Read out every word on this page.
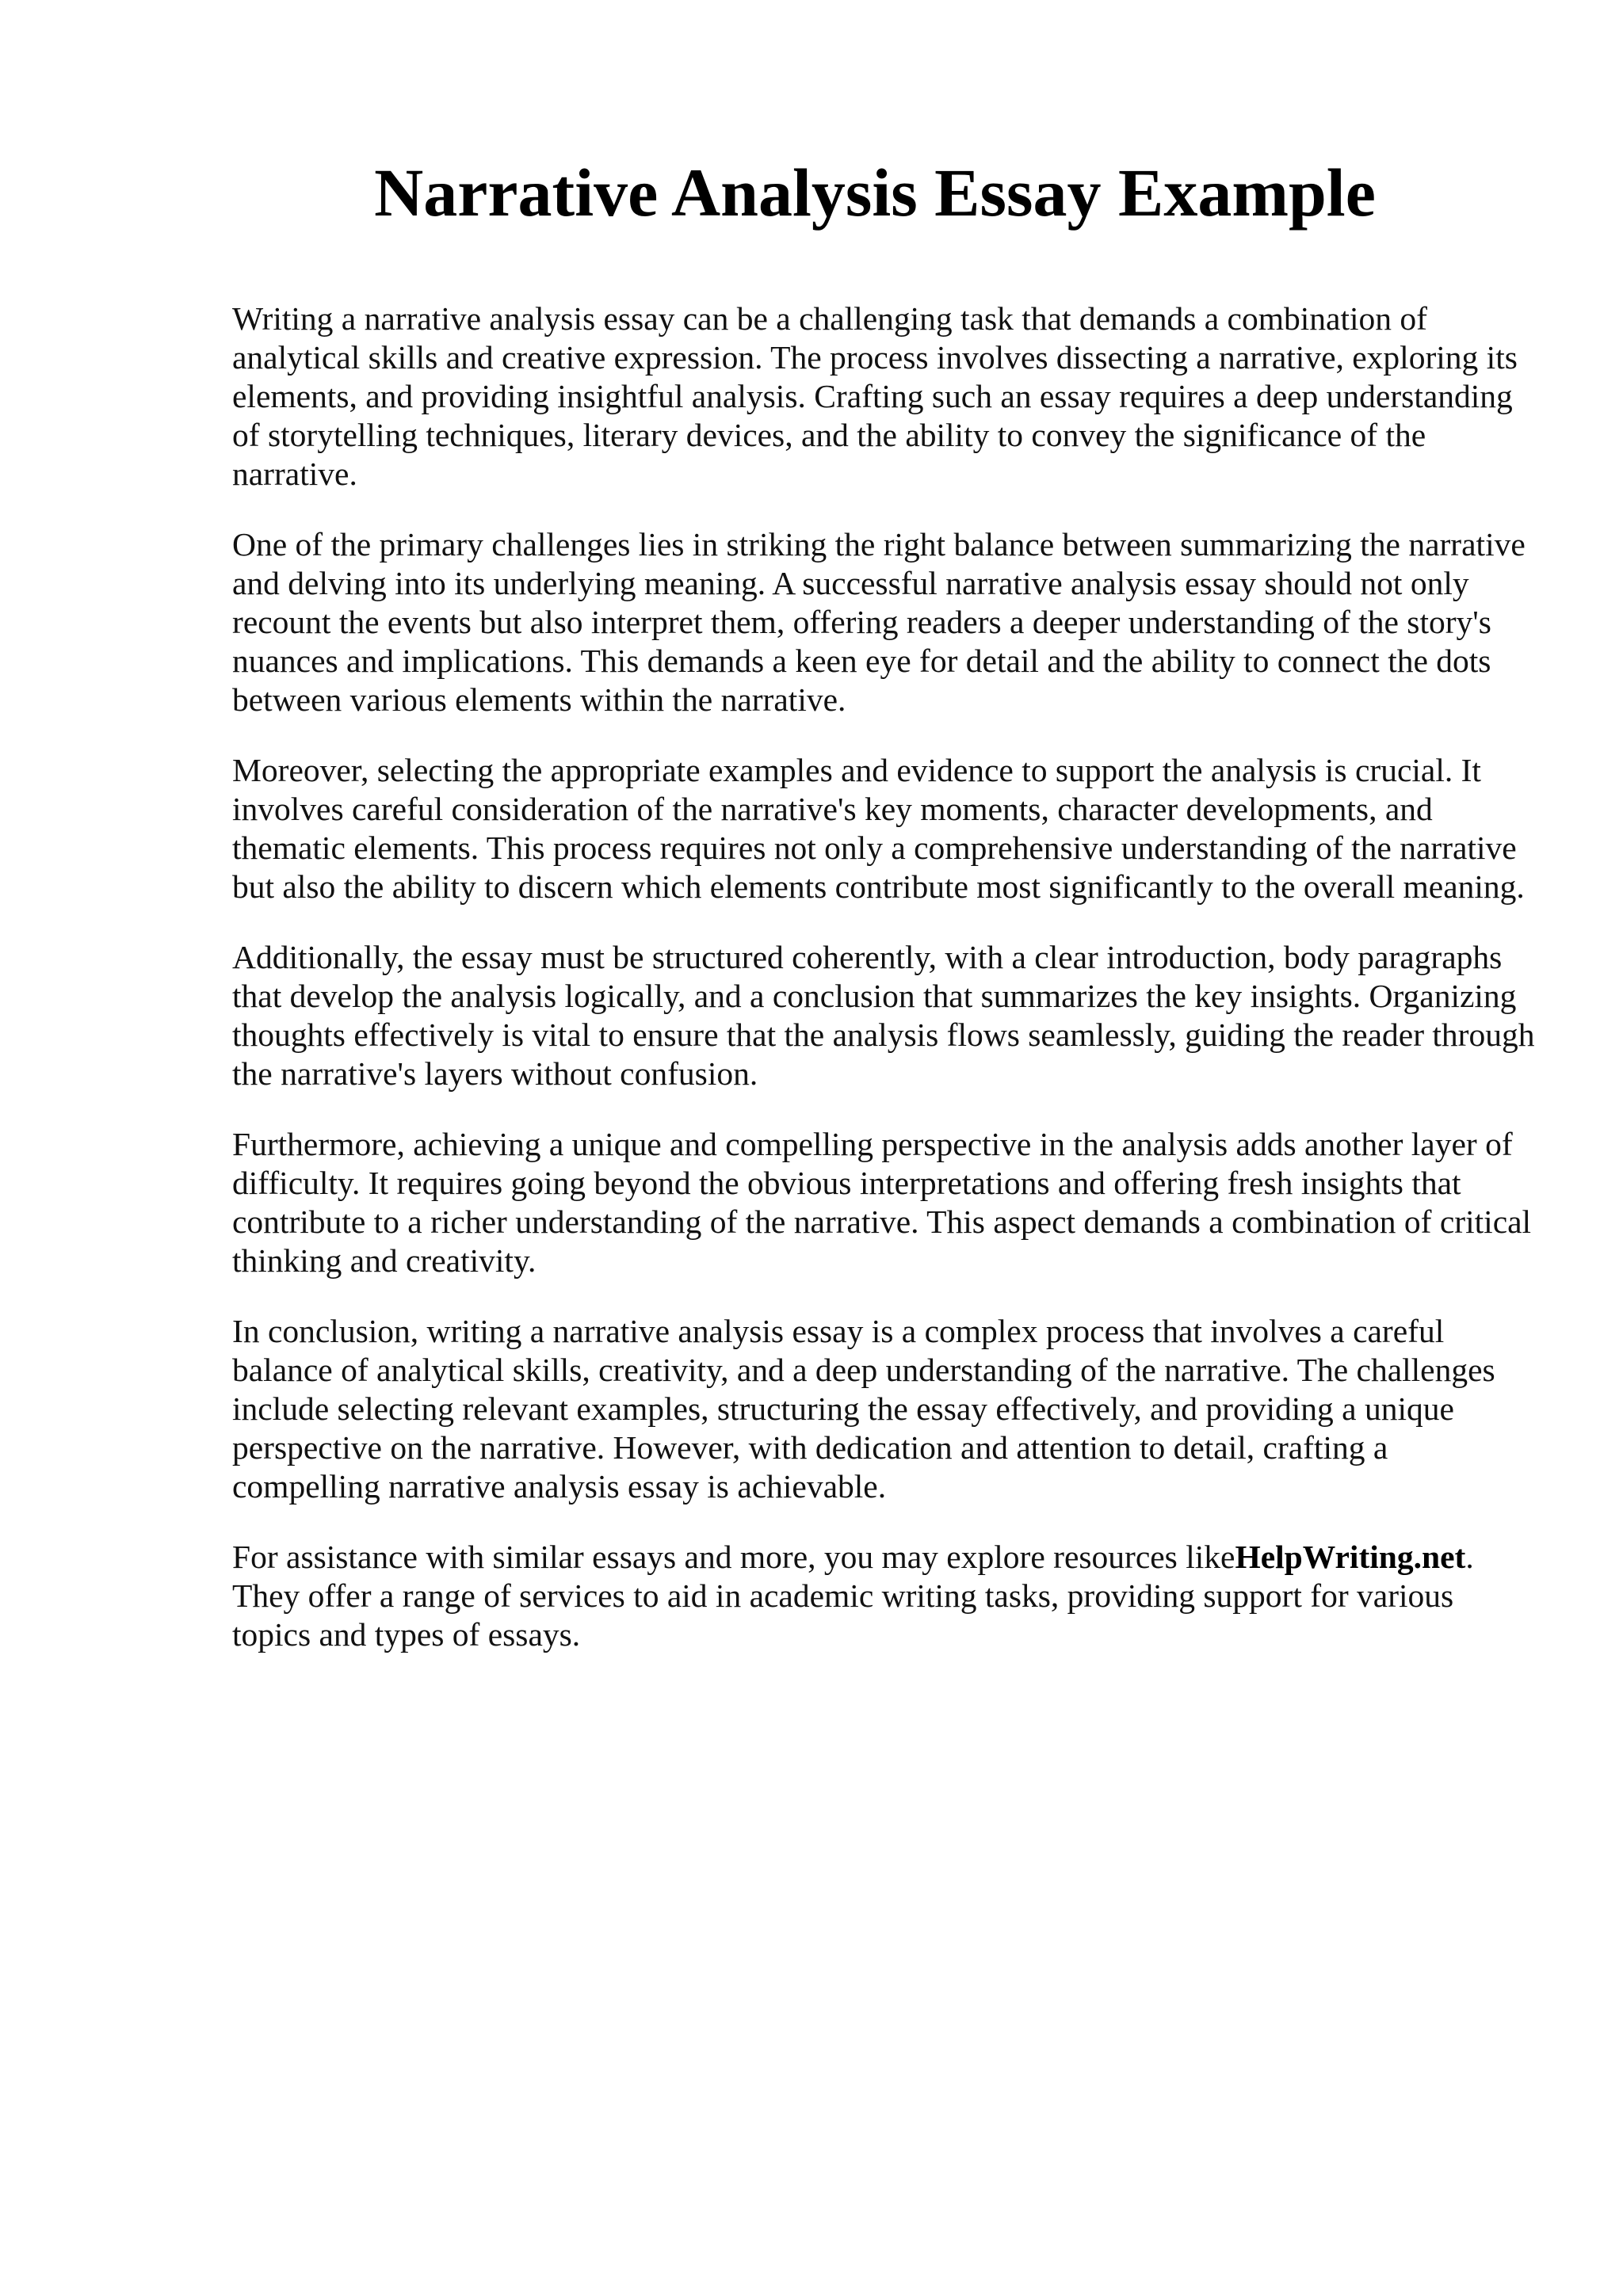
Narrative Analysis Essay Example

Writing a narrative analysis essay can be a challenging task that demands a combination of analytical skills and creative expression. The process involves dissecting a narrative, exploring its elements, and providing insightful analysis. Crafting such an essay requires a deep understanding of storytelling techniques, literary devices, and the ability to convey the significance of the narrative.

One of the primary challenges lies in striking the right balance between summarizing the narrative and delving into its underlying meaning. A successful narrative analysis essay should not only recount the events but also interpret them, offering readers a deeper understanding of the story's nuances and implications. This demands a keen eye for detail and the ability to connect the dots between various elements within the narrative.

Moreover, selecting the appropriate examples and evidence to support the analysis is crucial. It involves careful consideration of the narrative's key moments, character developments, and thematic elements. This process requires not only a comprehensive understanding of the narrative but also the ability to discern which elements contribute most significantly to the overall meaning.

Additionally, the essay must be structured coherently, with a clear introduction, body paragraphs that develop the analysis logically, and a conclusion that summarizes the key insights. Organizing thoughts effectively is vital to ensure that the analysis flows seamlessly, guiding the reader through the narrative's layers without confusion.

Furthermore, achieving a unique and compelling perspective in the analysis adds another layer of difficulty. It requires going beyond the obvious interpretations and offering fresh insights that contribute to a richer understanding of the narrative. This aspect demands a combination of critical thinking and creativity.

In conclusion, writing a narrative analysis essay is a complex process that involves a careful balance of analytical skills, creativity, and a deep understanding of the narrative. The challenges include selecting relevant examples, structuring the essay effectively, and providing a unique perspective on the narrative. However, with dedication and attention to detail, crafting a compelling narrative analysis essay is achievable.

For assistance with similar essays and more, you may explore resources likeHelpWriting.net. They offer a range of services to aid in academic writing tasks, providing support for various topics and types of essays.
